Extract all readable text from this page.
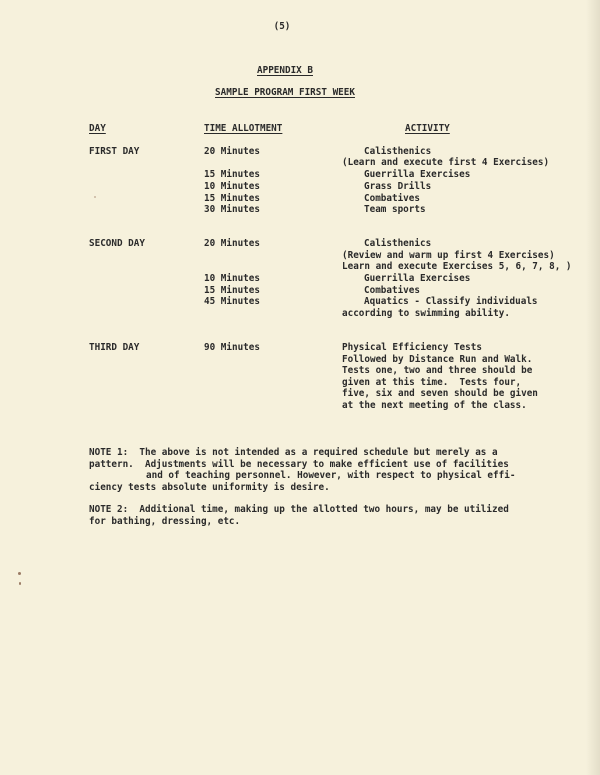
(5)
APPENDIX B
SAMPLE PROGRAM FIRST WEEK
DAY	TIME ALLOTMENT	ACTIVITY
FIRST DAY	20 Minutes	Calisthenics
(Learn and execute first 4 Exercises)
15 Minutes	Guerrilla Exercises
10 Minutes	Grass Drills
15 Minutes	Combatives
30 Minutes	Team sports
SECOND DAY	20 Minutes	Calisthenics
(Review and warm up first 4 Exercises)
Learn and execute Exercises 5, 6, 7, 8, )
10 Minutes	Guerrilla Exercises
15 Minutes	Combatives
45 Minutes	Aquatics - Classify individuals
according to swimming ability.
THIRD DAY	90 Minutes	Physical Efficiency Tests
Followed by Distance Run and Walk.
Tests one, two and three should be
given at this time.  Tests four,
five, six and seven should be given
at the next meeting of the class.
NOTE 1:  The above is not intended as a required schedule but merely as a
pattern.  Adjustments will be necessary to make efficient use of facilities
and of teaching personnel. However, with respect to physical effi-
ciency tests absolute uniformity is desire.
NOTE 2:  Additional time, making up the allotted two hours, may be utilized
for bathing, dressing, etc.
